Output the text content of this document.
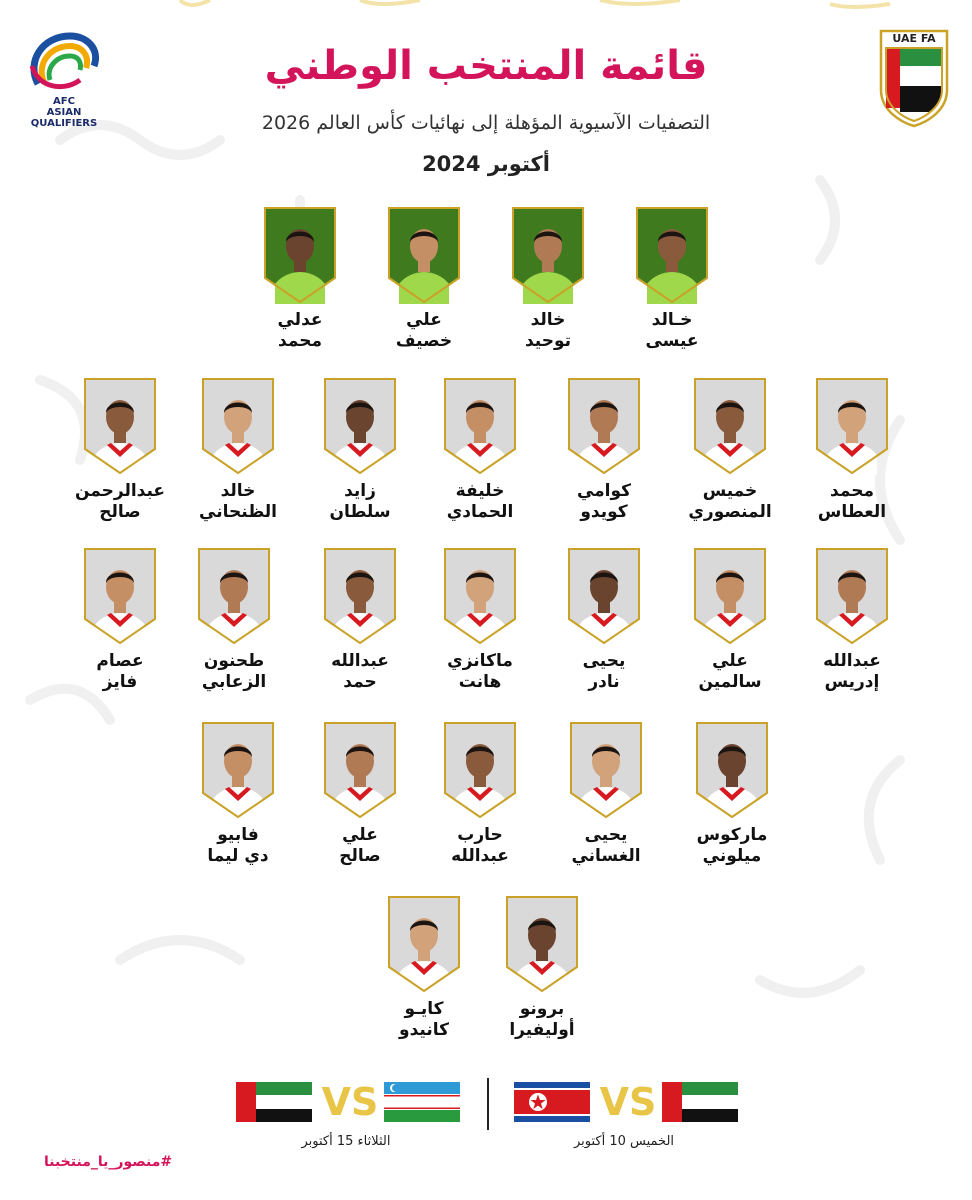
AFC
ASIAN
QUALIFIERS
UAE FA
قائمة المنتخب الوطني
التصفيات الآسيوية المؤهلة إلى نهائيات كأس العالم 2026
أكتوبر 2024
خـالد
عيسى
خالد
توحيد
علي
خصيف
عدلي
محمد
محمد
العطاس
خميس
المنصوري
كوامي
كويدو
خليفة
الحمادي
زايد
سلطان
خالد
الظنحاني
عبدالرحمن
صالح
عبدالله
إدريس
علي
سالمين
يحيى
نادر
ماكانزي
هانت
عبدالله
حمد
طحنون
الزعابي
عصام
فايز
ماركوس
ميلوني
يحيى
الغساني
حارب
عبدالله
علي
صالح
فابيو
دي ليما
برونو
أوليفيرا
كايـو
كانيدو
VS
الخميس 10 أكتوبر
VS
الثلاثاء 15 أكتوبر
#منصور_يا_منتخبنا
